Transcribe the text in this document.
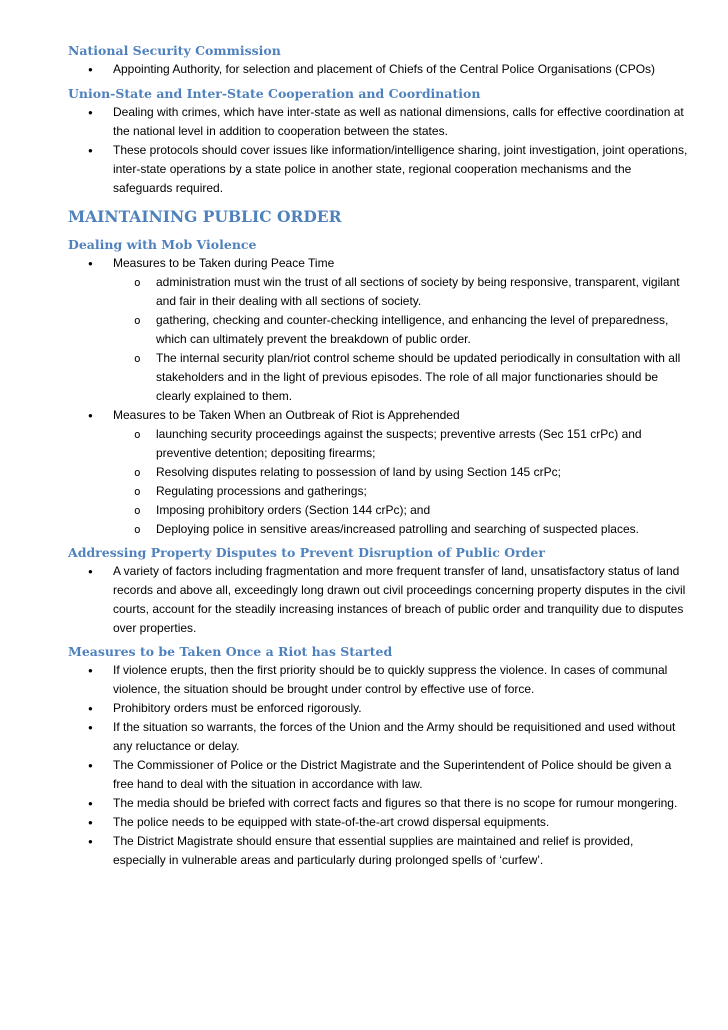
National Security Commission
● Appointing Authority, for selection and placement of Chiefs of the Central Police Organisations (CPOs)
Union-State and Inter-State Cooperation and Coordination
● Dealing with crimes, which have inter-state as well as national dimensions, calls for effective coordination at the national level in addition to cooperation between the states.
● These protocols should cover issues like information/intelligence sharing, joint investigation, joint operations, inter-state operations by a state police in another state, regional cooperation mechanisms and the safeguards required.
MAINTAINING PUBLIC ORDER
Dealing with Mob Violence
● Measures to be Taken during Peace Time
o administration must win the trust of all sections of society by being responsive, transparent, vigilant and fair in their dealing with all sections of society.
o gathering, checking and counter-checking intelligence, and enhancing the level of preparedness, which can ultimately prevent the breakdown of public order.
o The internal security plan/riot control scheme should be updated periodically in consultation with all stakeholders and in the light of previous episodes. The role of all major functionaries should be clearly explained to them.
● Measures to be Taken When an Outbreak of Riot is Apprehended
o launching security proceedings against the suspects; preventive arrests (Sec 151 crPc) and preventive detention; depositing firearms;
o Resolving disputes relating to possession of land by using Section 145 crPc;
o Regulating processions and gatherings;
o Imposing prohibitory orders (Section 144 crPc); and
o Deploying police in sensitive areas/increased patrolling and searching of suspected places.
Addressing Property Disputes to Prevent Disruption of Public Order
● A variety of factors including fragmentation and more frequent transfer of land, unsatisfactory status of land records and above all, exceedingly long drawn out civil proceedings concerning property disputes in the civil courts, account for the steadily increasing instances of breach of public order and tranquility due to disputes over properties.
Measures to be Taken Once a Riot has Started
● If violence erupts, then the first priority should be to quickly suppress the violence. In cases of communal violence, the situation should be brought under control by effective use of force.
● Prohibitory orders must be enforced rigorously.
● If the situation so warrants, the forces of the Union and the Army should be requisitioned and used without any reluctance or delay.
● The Commissioner of Police or the District Magistrate and the Superintendent of Police should be given a free hand to deal with the situation in accordance with law.
● The media should be briefed with correct facts and figures so that there is no scope for rumour mongering.
● The police needs to be equipped with state-of-the-art crowd dispersal equipments.
● The District Magistrate should ensure that essential supplies are maintained and relief is provided, especially in vulnerable areas and particularly during prolonged spells of ‘curfew’.
